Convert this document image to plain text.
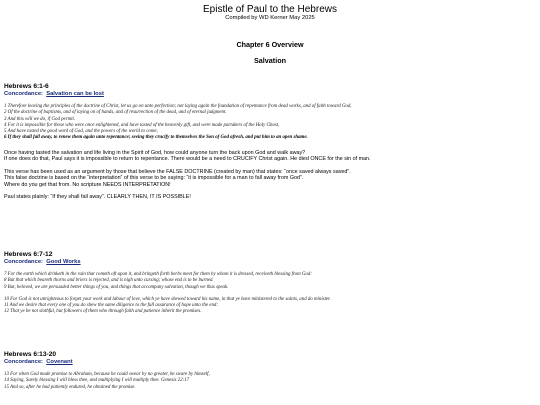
Epistle of Paul to the Hebrews
Compiled by WD Kerner May 2025
Chapter 6 Overview
Salvation
Hebrews 6:1-6
Concordance: Salvation can be lost
1 Therefore leaving the principles of the doctrine of Christ, let us go on unto perfection; not laying again the foundation of repentance from dead works, and of faith toward God,
2 Of the doctrine of baptisms, and of laying on of hands, and of resurrection of the dead, and of eternal judgment.
3 And this will we do, if God permit.
4 For it is impossible for those who were once enlightened, and have tasted of the heavenly gift, and were made partakers of the Holy Ghost,
5 And have tasted the good word of God, and the powers of the world to come,
6 If they shall fall away, to renew them again unto repentance; seeing they crucify to themselves the Son of God afresh, and put him to an open shame.
Once having tasted the salvation and life living in the Spirit of God, how could anyone turn the back upon God and walk away?
If one does do that, Paul says it is impossible to return to repentance. There would be a need to CRUCIFY Christ again. He died ONCE for the sin of man.
This verse has been used as an argument by those that believe the FALSE DOCTRINE (created by man) that states: “once saved always saved”.
This false doctrine is based on the “interpretation” of this verse to be saying: “it is impossible for a man to fall away from God”.
Where do you get that from. No scripture NEEDS INTERPRETATION!
Paul states plainly: “If they shall fall away”. CLEARLY THEN, IT IS POSSIBLE!
Hebrews 6:7-12
Concordance: Good Works
7 For the earth which drinketh in the rain that cometh oft upon it, and bringeth forth herbs meet for them by whom it is dressed, receiveth blessing from God:
8 But that which beareth thorns and briers is rejected, and is nigh unto cursing; whose end is to be burned.
9 But, beloved, we are persuaded better things of you, and things that accompany salvation, though we thus speak.
10 For God is not unrighteous to forget your work and labour of love, which ye have shewed toward his name, in that ye have ministered to the saints, and do minister.
11 And we desire that every one of you do shew the same diligence to the full assurance of hope unto the end:
12 That ye be not slothful, but followers of them who through faith and patience inherit the promises.
Hebrews 6:13-20
Concordance: Covenant
13 For when God made promise to Abraham, because he could swear by no greater, he sware by himself,
14 Saying, Surely blessing I will bless thee, and multiplying I will multiply thee. Genesis 22:17
15 And so, after he had patiently endured, he obtained the promise.
